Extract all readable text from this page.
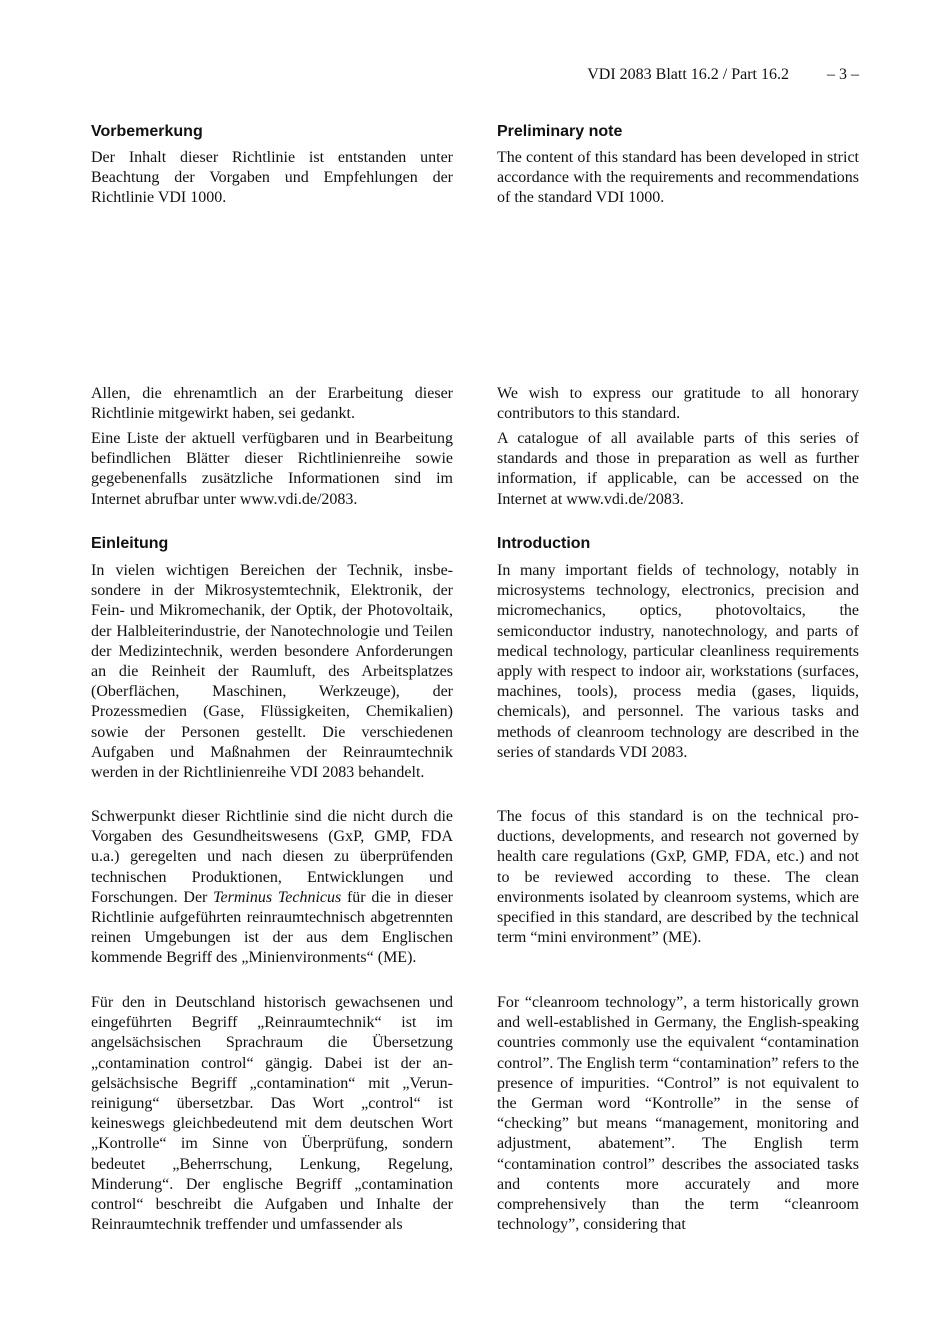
VDI 2083 Blatt 16.2 / Part 16.2 – 3 –
Vorbemerkung

Der Inhalt dieser Richtlinie ist entstanden unter Beachtung der Vorgaben und Empfehlungen der Richtlinie VDI 1000.

Allen, die ehrenamtlich an der Erarbeitung dieser Richtlinie mitgewirkt haben, sei gedankt.

Eine Liste der aktuell verfügbaren und in Bearbeitung befindlichen Blätter dieser Richtlinienreihe sowie gegebenenfalls zusätzliche Informationen sind im Internet abrufbar unter www.vdi.de/2083.

Einleitung

In vielen wichtigen Bereichen der Technik, insbesondere in der Mikrosystemtechnik, Elektronik, der Fein- und Mikromechanik, der Optik, der Photovoltaik, der Halbleiterindustrie, der Nanotechnologie und Teilen der Medizintechnik, werden besondere Anforderungen an die Reinheit der Raumluft, des Arbeitsplatzes (Oberflächen, Maschinen, Werkzeuge), der Prozessmedien (Gase, Flüssigkeiten, Chemikalien) sowie der Personen gestellt. Die verschiedenen Aufgaben und Maßnahmen der Reinraumtechnik werden in der Richtlinienreihe VDI 2083 behandelt.

Schwerpunkt dieser Richtlinie sind die nicht durch die Vorgaben des Gesundheitswesens (GxP, GMP, FDA u.a.) geregelten und nach diesen zu überprüfenden technischen Produktionen, Entwicklungen und Forschungen. Der Terminus Technicus für die in dieser Richtlinie aufgeführten reinraumtechnisch abgetrennten reinen Umgebungen ist der aus dem Englischen kommende Begriff des „Minienvironments“ (ME).

Für den in Deutschland historisch gewachsenen und eingeführten Begriff „Reinraumtechnik“ ist im angelsächsischen Sprachraum die Übersetzung „contamination control“ gängig. Dabei ist der angelsächsische Begriff „contamination“ mit „Verunreinigung“ übersetzbar. Das Wort „control“ ist keineswegs gleichbedeutend mit dem deutschen Wort „Kontrolle“ im Sinne von Überprüfung, sondern bedeutet „Beherrschung, Lenkung, Regelung, Minderung“. Der englische Begriff „contamination control“ beschreibt die Aufgaben und Inhalte der Reinraumtechnik treffender und umfassender als

Preliminary note

The content of this standard has been developed in strict accordance with the requirements and recommendations of the standard VDI 1000.

We wish to express our gratitude to all honorary contributors to this standard.

A catalogue of all available parts of this series of standards and those in preparation as well as further information, if applicable, can be accessed on the Internet at www.vdi.de/2083.

Introduction

In many important fields of technology, notably in microsystems technology, electronics, precision and micromechanics, optics, photovoltaics, the semiconductor industry, nanotechnology, and parts of medical technology, particular cleanliness requirements apply with respect to indoor air, workstations (surfaces, machines, tools), process media (gases, liquids, chemicals), and personnel. The various tasks and methods of cleanroom technology are described in the series of standards VDI 2083.

The focus of this standard is on the technical productions, developments, and research not governed by health care regulations (GxP, GMP, FDA, etc.) and not to be reviewed according to these. The clean environments isolated by cleanroom systems, which are specified in this standard, are described by the technical term “mini environment” (ME).

For “cleanroom technology”, a term historically grown and well-established in Germany, the English-speaking countries commonly use the equivalent “contamination control”. The English term “contamination” refers to the presence of impurities. “Control” is not equivalent to the German word “Kontrolle” in the sense of “checking” but means “management, monitoring and adjustment, abatement”. The English term “contamination control” describes the associated tasks and contents more accurately and more comprehensively than the term “cleanroom technology”, considering that
